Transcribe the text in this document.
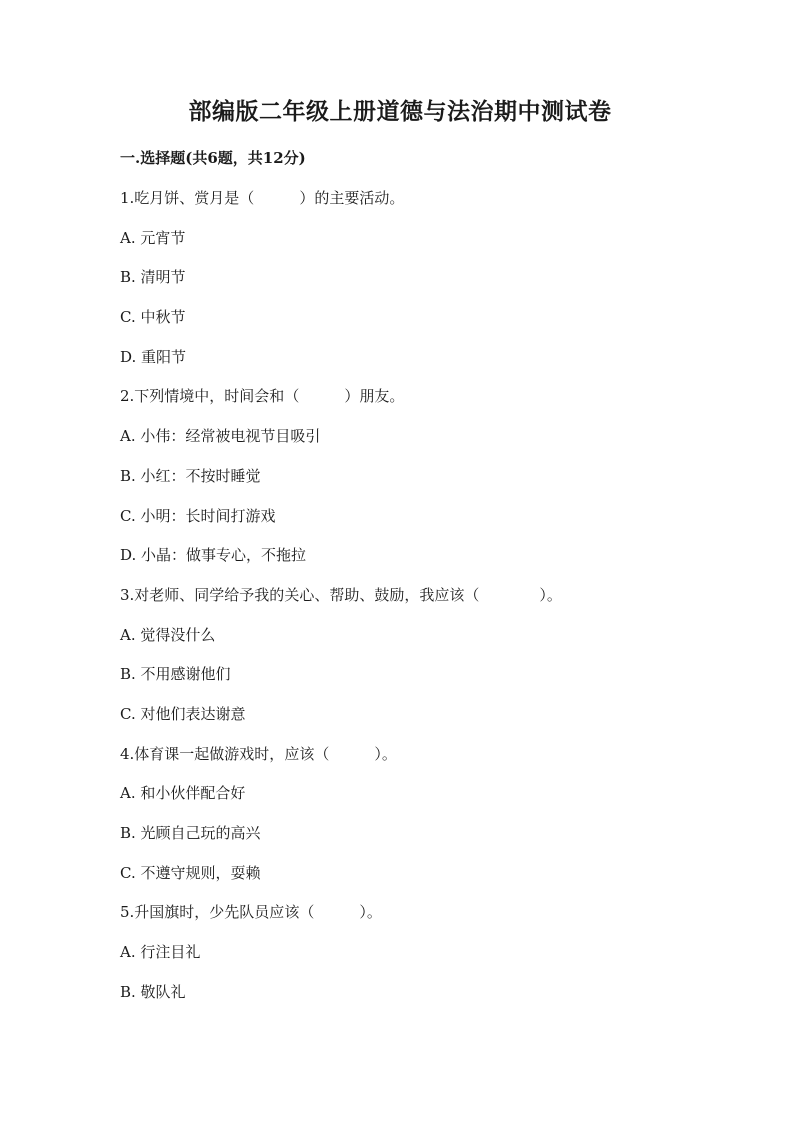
部编版二年级上册道德与法治期中测试卷
一.选择题(共6题，共12分)
1.吃月饼、赏月是（　　　）的主要活动。
A. 元宵节
B. 清明节
C. 中秋节
D. 重阳节
2.下列情境中，时间会和（　　　）朋友。
A. 小伟：经常被电视节目吸引
B. 小红：不按时睡觉
C. 小明：长时间打游戏
D. 小晶：做事专心，不拖拉
3.对老师、同学给予我的关心、帮助、鼓励，我应该（　　　　）。
A. 觉得没什么
B. 不用感谢他们
C. 对他们表达谢意
4.体育课一起做游戏时，应该（　　　）。
A. 和小伙伴配合好
B. 光顾自己玩的高兴
C. 不遵守规则，耍赖
5.升国旗时，少先队员应该（　　　）。
A. 行注目礼
B. 敬队礼
